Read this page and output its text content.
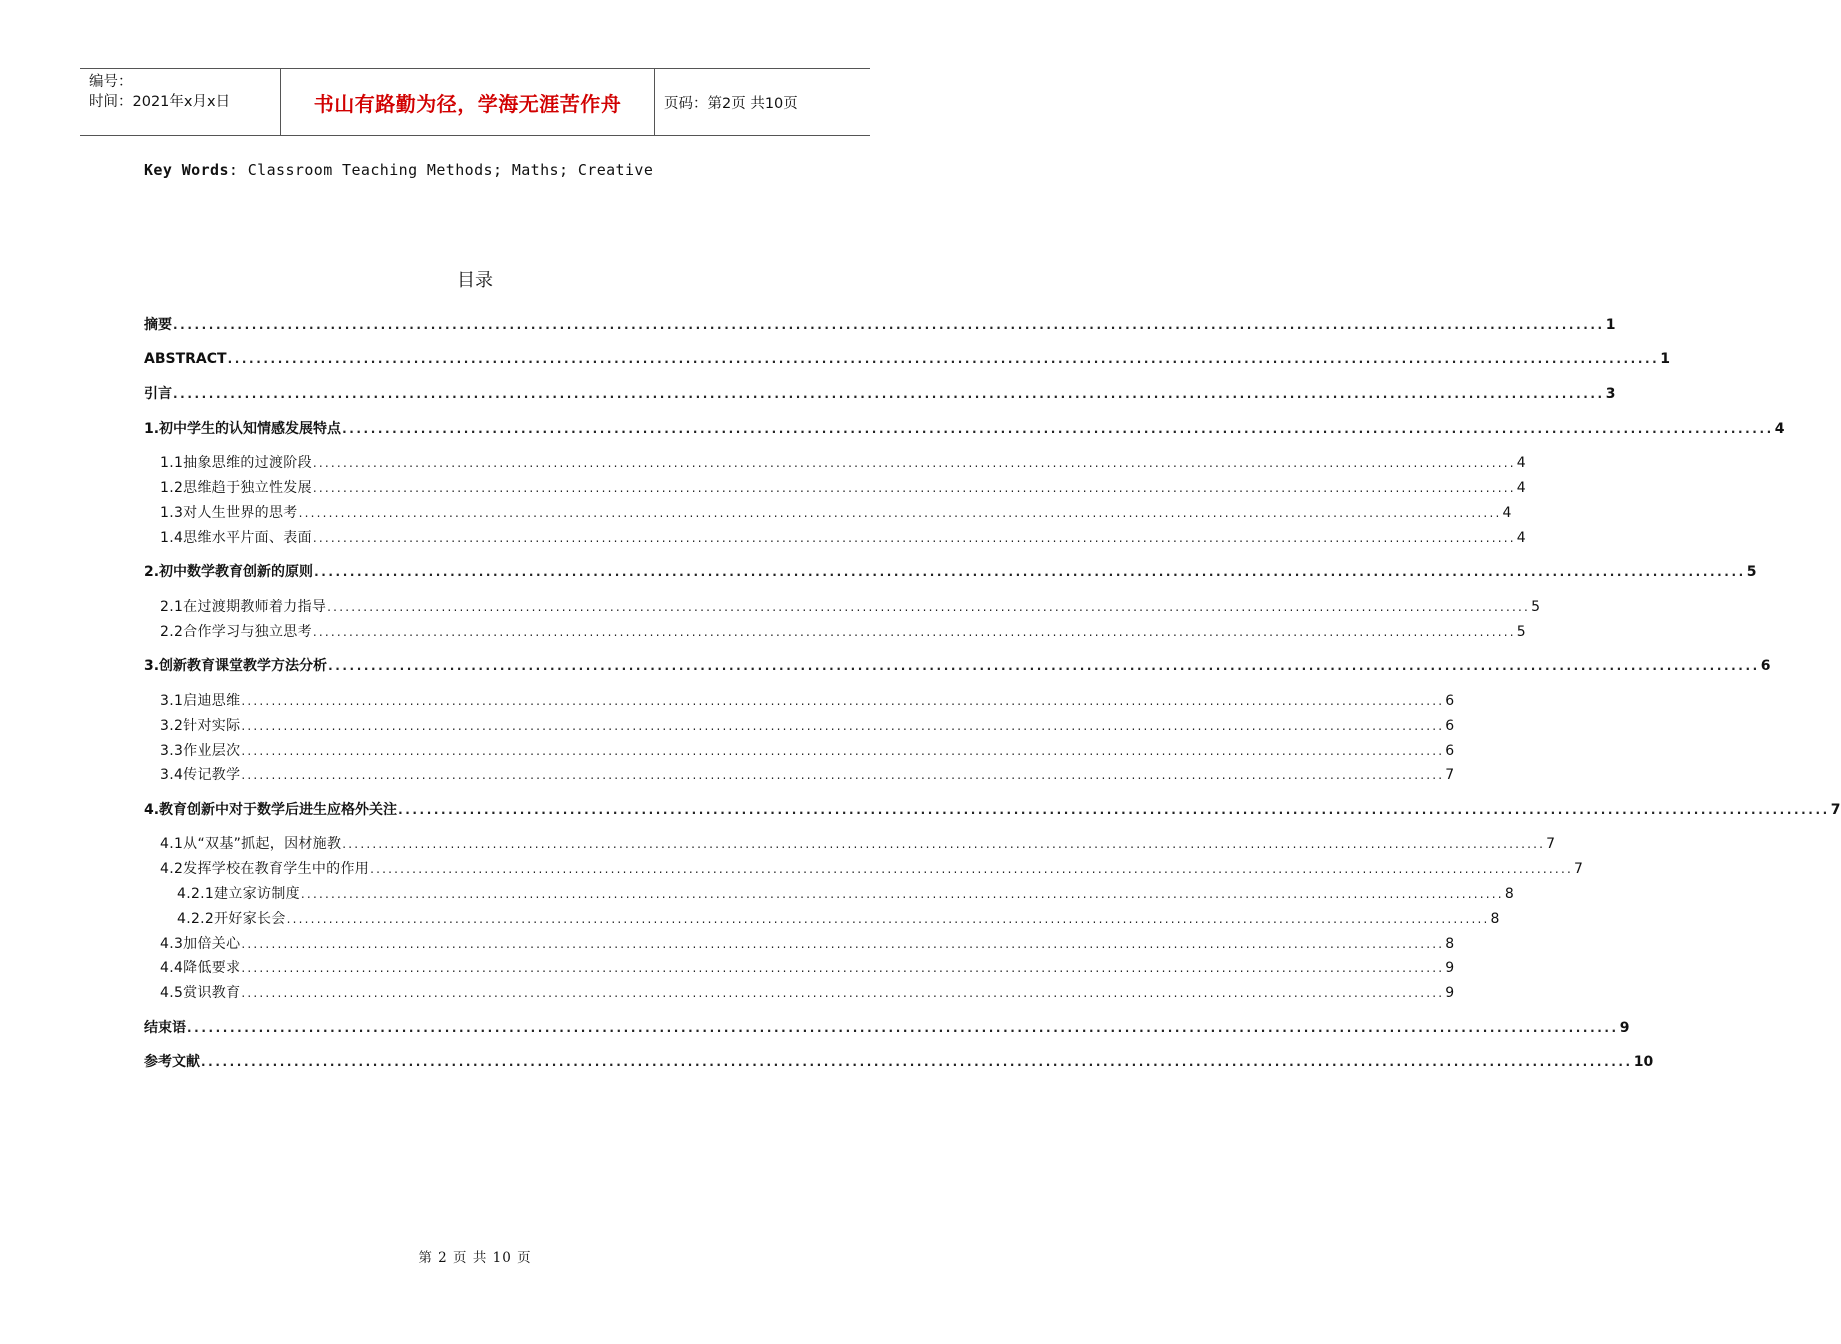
编号：
时间：2021年x月x日	书山有路勤为径，学海无涯苦作舟	页码：第2页 共10页
Key Words: Classroom Teaching Methods; Maths; Creative
目录
摘要 ........................................................................................................................................................................................................ 1
ABSTRACT ........................................................................................................................................................................................................ 1
引言 ........................................................................................................................................................................................................ 3
1.初中学生的认知情感发展特点 ........................................................................................................................................................................................................ 4
1.1抽象思维的过渡阶段 ........................................................................................................................................................................................................ 4
1.2思维趋于独立性发展 ........................................................................................................................................................................................................ 4
1.3对人生世界的思考 ........................................................................................................................................................................................................ 4
1.4思维水平片面、表面 ........................................................................................................................................................................................................ 4
2.初中数学教育创新的原则 ........................................................................................................................................................................................................ 5
2.1在过渡期教师着力指导 ........................................................................................................................................................................................................ 5
2.2合作学习与独立思考 ........................................................................................................................................................................................................ 5
3.创新教育课堂教学方法分析 ........................................................................................................................................................................................................ 6
3.1启迪思维 ........................................................................................................................................................................................................ 6
3.2针对实际 ........................................................................................................................................................................................................ 6
3.3作业层次 ........................................................................................................................................................................................................ 6
3.4传记教学 ........................................................................................................................................................................................................ 7
4.教育创新中对于数学后进生应格外关注 ........................................................................................................................................................................................................ 7
4.1从“双基”抓起，因材施教 ........................................................................................................................................................................................................ 7
4.2发挥学校在教育学生中的作用 ........................................................................................................................................................................................................ 7
4.2.1建立家访制度 ........................................................................................................................................................................................................ 8
4.2.2开好家长会 ........................................................................................................................................................................................................ 8
4.3加倍关心 ........................................................................................................................................................................................................ 8
4.4降低要求 ........................................................................................................................................................................................................ 9
4.5赏识教育 ........................................................................................................................................................................................................ 9
结束语 ........................................................................................................................................................................................................ 9
参考文献 ........................................................................................................................................................................................................ 10
第 2 页 共 10 页
